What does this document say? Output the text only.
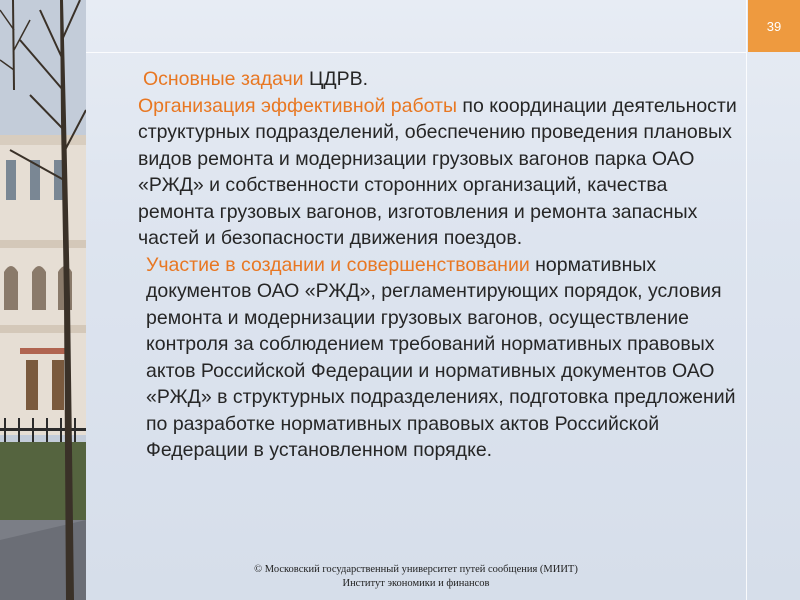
39

Основные задачи ЦДРВ.

Организация эффективной работы по координации деятельности структурных подразделений, обеспечению проведения плановых видов ремонта и модернизации грузовых вагонов парка ОАО «РЖД» и собственности сторонних организаций, качества ремонта грузовых вагонов, изготовления и ремонта запасных частей и безопасности движения поездов.

Участие в создании и совершенствовании нормативных документов ОАО «РЖД», регламентирующих порядок, условия ремонта и модернизации грузовых вагонов, осуществление контроля за соблюдением требований нормативных правовых актов Российской Федерации и нормативных документов ОАО «РЖД» в структурных подразделениях, подготовка предложений по разработке нормативных правовых актов Российской Федерации в установленном порядке.

© Московский государственный университет путей сообщения (МИИТ)
Институт экономики и финансов
